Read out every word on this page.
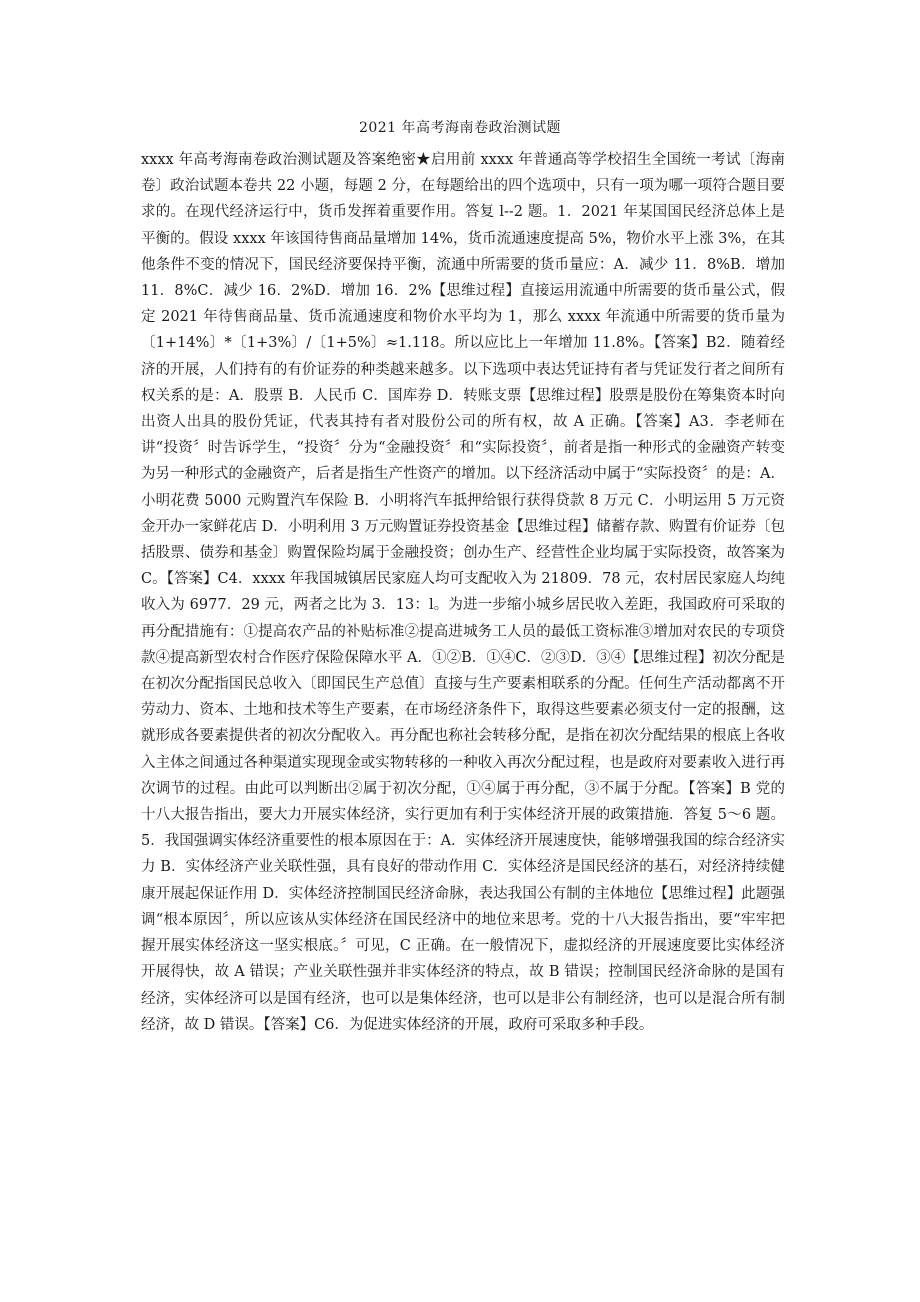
2021 年高考海南卷政治测试题
xxxx 年高考海南卷政治测试题及答案绝密★启用前 xxxx 年普通高等学校招生全国统一考试〔海南卷〕政治试题本卷共 22 小题，每题 2 分，在每题给出的四个选项中，只有一项为哪一项符合题目要求的。在现代经济运行中，货币发挥着重要作用。答复 l--2 题。1．2021 年某国国民经济总体上是平衡的。假设 xxxx 年该国待售商品量增加 14%，货币流通速度提高 5%，物价水平上涨 3%，在其他条件不变的情况下，国民经济要保持平衡，流通中所需要的货币量应：A．减少 11．8%B．增加 11．8%C．减少 16．2%D．增加 16．2%【思维过程】直接运用流通中所需要的货币量公式，假定 2021 年待售商品量、货币流通速度和物价水平均为 1，那么 xxxx 年流通中所需要的货币量为〔1+14%〕*〔1+3%〕/〔1+5%〕≈1.118。所以应比上一年增加 11.8%。【答案】B2．随着经济的开展，人们持有的有价证券的种类越来越多。以下选项中表达凭证持有者与凭证发行者之间所有权关系的是：A．股票 B．人民币 C．国库券 D．转账支票【思维过程】股票是股份在筹集资本时向出资人出具的股份凭证，代表其持有者对股份公司的所有权，故 A 正确。【答案】A3．李老师在讲“投资〞时告诉学生，“投资〞分为“金融投资〞和“实际投资〞，前者是指一种形式的金融资产转变为另一种形式的金融资产，后者是指生产性资产的增加。以下经济活动中属于“实际投资〞的是：A．小明花费 5000 元购置汽车保险 B．小明将汽车抵押给银行获得贷款 8 万元 C．小明运用 5 万元资金开办一家鲜花店 D．小明利用 3 万元购置证券投资基金【思维过程】储蓄存款、购置有价证券〔包括股票、债券和基金〕购置保险均属于金融投资；创办生产、经营性企业均属于实际投资，故答案为 C。【答案】C4．xxxx 年我国城镇居民家庭人均可支配收入为 21809．78 元，农村居民家庭人均纯收入为 6977．29 元，两者之比为 3．13：l。为进一步缩小城乡居民收入差距，我国政府可采取的再分配措施有：①提高农产品的补贴标准②提高进城务工人员的最低工资标准③增加对农民的专项贷款④提高新型农村合作医疗保险保障水平 A．①②B．①④C．②③D．③④【思维过程】初次分配是在初次分配指国民总收入〔即国民生产总值〕直接与生产要素相联系的分配。任何生产活动都离不开劳动力、资本、土地和技术等生产要素，在市场经济条件下，取得这些要素必须支付一定的报酬，这就形成各要素提供者的初次分配收入。再分配也称社会转移分配，是指在初次分配结果的根底上各收入主体之间通过各种渠道实现现金或实物转移的一种收入再次分配过程，也是政府对要素收入进行再次调节的过程。由此可以判断出②属于初次分配，①④属于再分配，③不属于分配。【答案】B 党的十八大报告指出，要大力开展实体经济，实行更加有利于实体经济开展的政策措施．答复 5～6 题。5．我国强调实体经济重要性的根本原因在于：A．实体经济开展速度快，能够增强我国的综合经济实力 B．实体经济产业关联性强，具有良好的带动作用 C．实体经济是国民经济的基石，对经济持续健康开展起保证作用 D．实体经济控制国民经济命脉，表达我国公有制的主体地位【思维过程】此题强调“根本原因〞，所以应该从实体经济在国民经济中的地位来思考。党的十八大报告指出，要“牢牢把握开展实体经济这一坚实根底。〞可见，C 正确。在一般情况下，虚拟经济的开展速度要比实体经济开展得快，故 A 错误；产业关联性强并非实体经济的特点，故 B 错误；控制国民经济命脉的是国有经济，实体经济可以是国有经济，也可以是集体经济，也可以是非公有制经济，也可以是混合所有制经济，故 D 错误。【答案】C6．为促进实体经济的开展，政府可采取多种手段。
